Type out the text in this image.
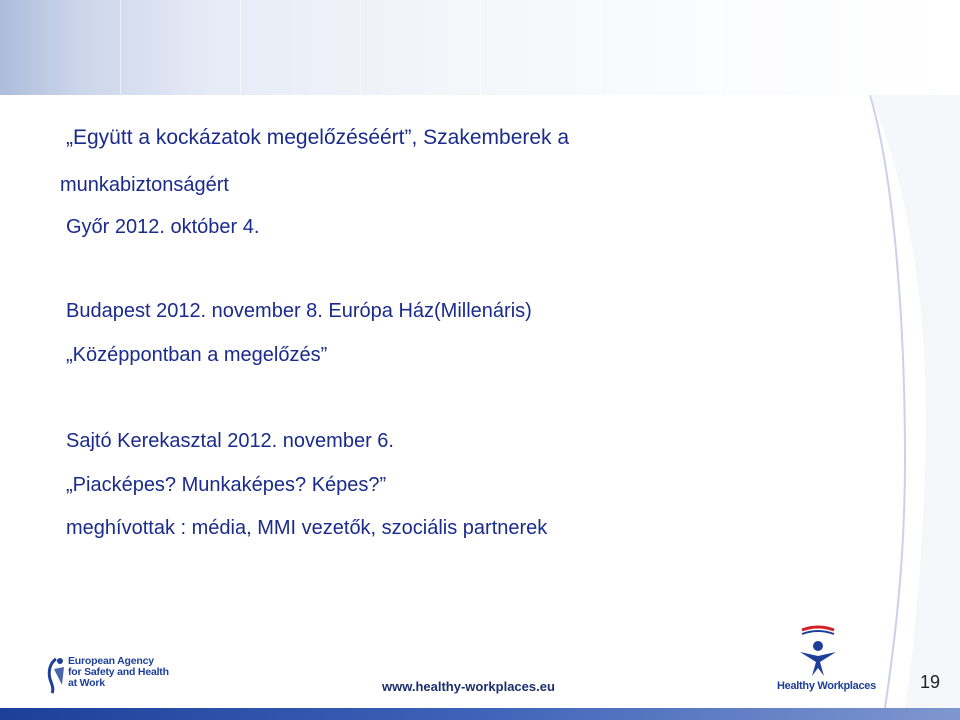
„Együtt a kockázatok megelőzéséért”, Szakemberek a
munkabiztonságért
Győr 2012. október 4.
Budapest 2012. november 8. Európa Ház(Millenáris)
„Középpontban a megelőzés”
Sajtó Kerekasztal 2012. november 6.
„Piacképes? Munkaképes? Képes?”
meghívottak : média, MMI vezetők, szociális partnerek
European Agency
for Safety and Health
at Work	www.healthy-workplaces.eu	Healthy Workplaces 19
